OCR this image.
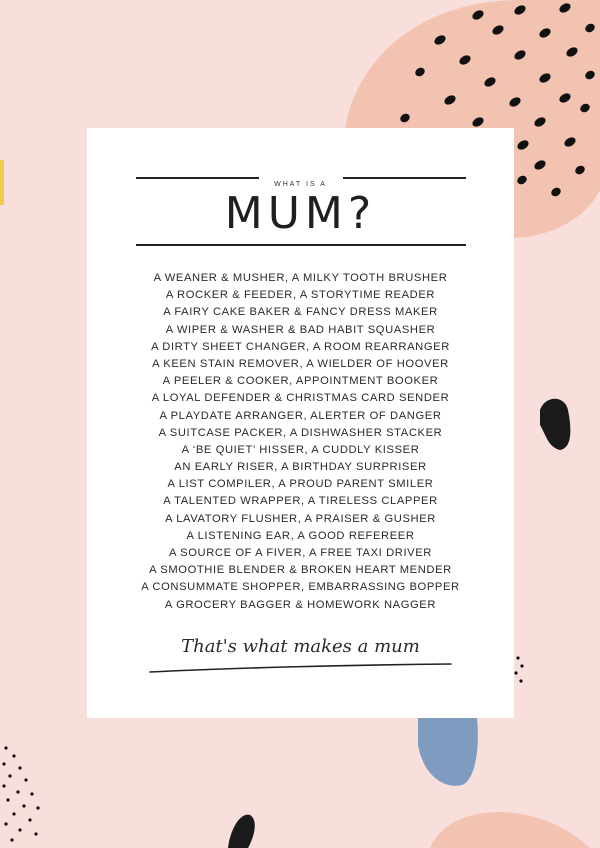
WHAT IS A
MUM?
A WEANER & MUSHER, A MILKY TOOTH BRUSHER
A ROCKER & FEEDER, A STORYTIME READER
A FAIRY CAKE BAKER & FANCY DRESS MAKER
A WIPER & WASHER & BAD HABIT SQUASHER
A DIRTY SHEET CHANGER, A ROOM REARRANGER
A KEEN STAIN REMOVER, A WIELDER OF HOOVER
A PEELER & COOKER, APPOINTMENT BOOKER
A LOYAL DEFENDER & CHRISTMAS CARD SENDER
A PLAYDATE ARRANGER, ALERTER OF DANGER
A SUITCASE PACKER, A DISHWASHER STACKER
A ‘BE QUIET’ HISSER, A CUDDLY KISSER
AN EARLY RISER, A BIRTHDAY SURPRISER
A LIST COMPILER, A PROUD PARENT SMILER
A TALENTED WRAPPER, A TIRELESS CLAPPER
A LAVATORY FLUSHER, A PRAISER & GUSHER
A LISTENING EAR, A GOOD REFEREER
A SOURCE OF A FIVER, A FREE TAXI DRIVER
A SMOOTHIE BLENDER & BROKEN HEART MENDER
A CONSUMMATE SHOPPER, EMBARRASSING BOPPER
A GROCERY BAGGER & HOMEWORK NAGGER
That's what makes a mum
